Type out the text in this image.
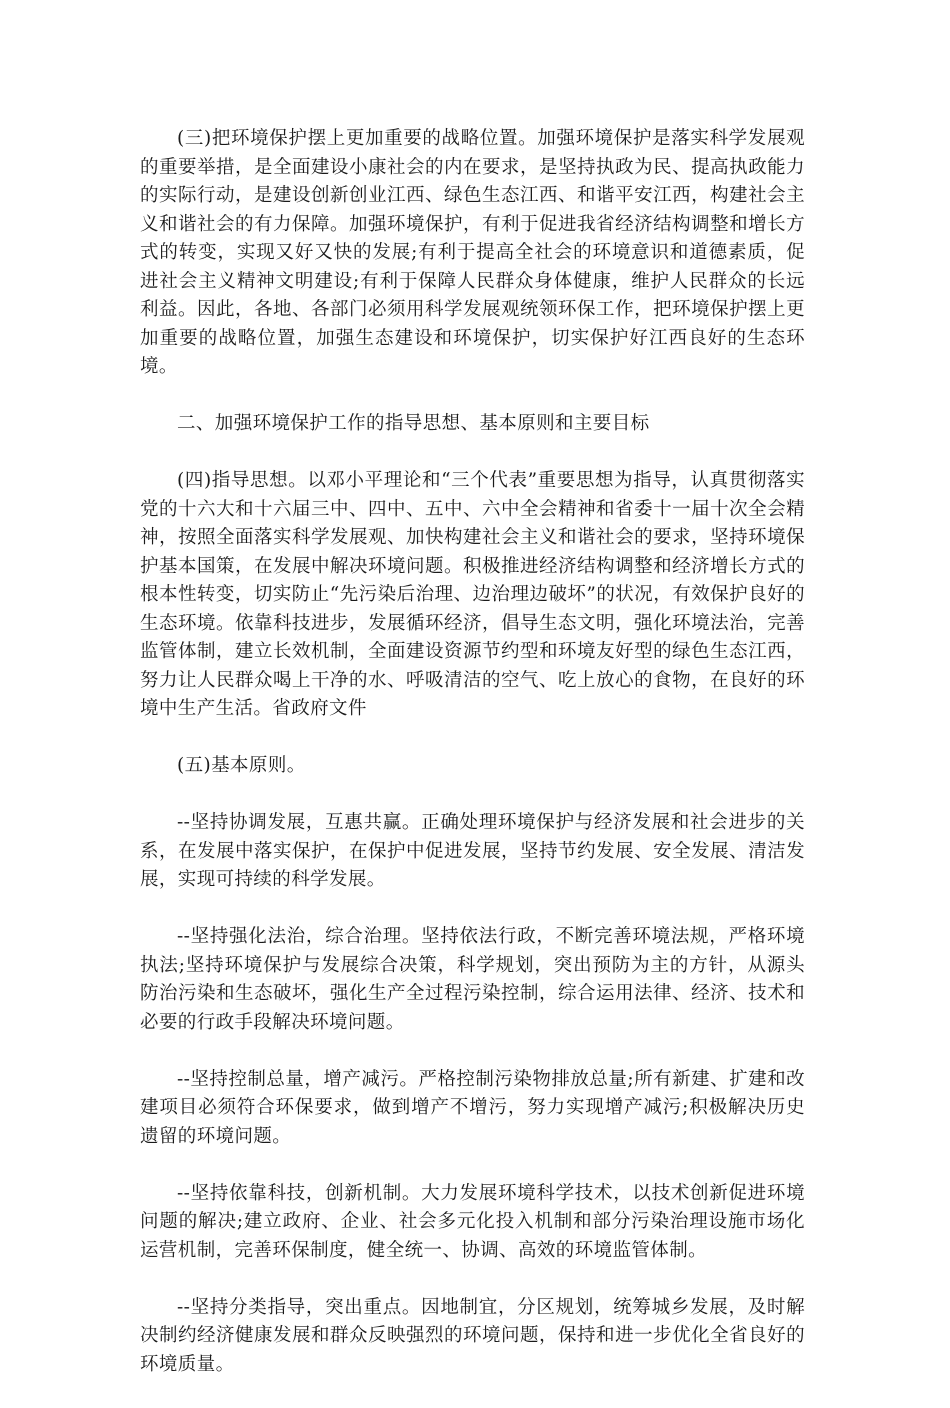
(三)把环境保护摆上更加重要的战略位置。加强环境保护是落实科学发展观的重要举措，是全面建设小康社会的内在要求，是坚持执政为民、提高执政能力的实际行动，是建设创新创业江西、绿色生态江西、和谐平安江西，构建社会主义和谐社会的有力保障。加强环境保护，有利于促进我省经济结构调整和增长方式的转变，实现又好又快的发展;有利于提高全社会的环境意识和道德素质，促进社会主义精神文明建设;有利于保障人民群众身体健康，维护人民群众的长远利益。因此，各地、各部门必须用科学发展观统领环保工作，把环境保护摆上更加重要的战略位置，加强生态建设和环境保护，切实保护好江西良好的生态环境。

二、加强环境保护工作的指导思想、基本原则和主要目标

(四)指导思想。以邓小平理论和“三个代表”重要思想为指导，认真贯彻落实党的十六大和十六届三中、四中、五中、六中全会精神和省委十一届十次全会精神，按照全面落实科学发展观、加快构建社会主义和谐社会的要求，坚持环境保护基本国策，在发展中解决环境问题。积极推进经济结构调整和经济增长方式的根本性转变，切实防止“先污染后治理、边治理边破坏”的状况，有效保护良好的生态环境。依靠科技进步，发展循环经济，倡导生态文明，强化环境法治，完善监管体制，建立长效机制，全面建设资源节约型和环境友好型的绿色生态江西，努力让人民群众喝上干净的水、呼吸清洁的空气、吃上放心的食物，在良好的环境中生产生活。省政府文件

(五)基本原则。

--坚持协调发展，互惠共赢。正确处理环境保护与经济发展和社会进步的关系，在发展中落实保护，在保护中促进发展，坚持节约发展、安全发展、清洁发展，实现可持续的科学发展。

--坚持强化法治，综合治理。坚持依法行政，不断完善环境法规，严格环境执法;坚持环境保护与发展综合决策，科学规划，突出预防为主的方针，从源头防治污染和生态破坏，强化生产全过程污染控制，综合运用法律、经济、技术和必要的行政手段解决环境问题。

--坚持控制总量，增产减污。严格控制污染物排放总量;所有新建、扩建和改建项目必须符合环保要求，做到增产不增污，努力实现增产减污;积极解决历史遗留的环境问题。

--坚持依靠科技，创新机制。大力发展环境科学技术，以技术创新促进环境问题的解决;建立政府、企业、社会多元化投入机制和部分污染治理设施市场化运营机制，完善环保制度，健全统一、协调、高效的环境监管体制。

--坚持分类指导，突出重点。因地制宜，分区规划，统筹城乡发展，及时解决制约经济健康发展和群众反映强烈的环境问题，保持和进一步优化全省良好的环境质量。
